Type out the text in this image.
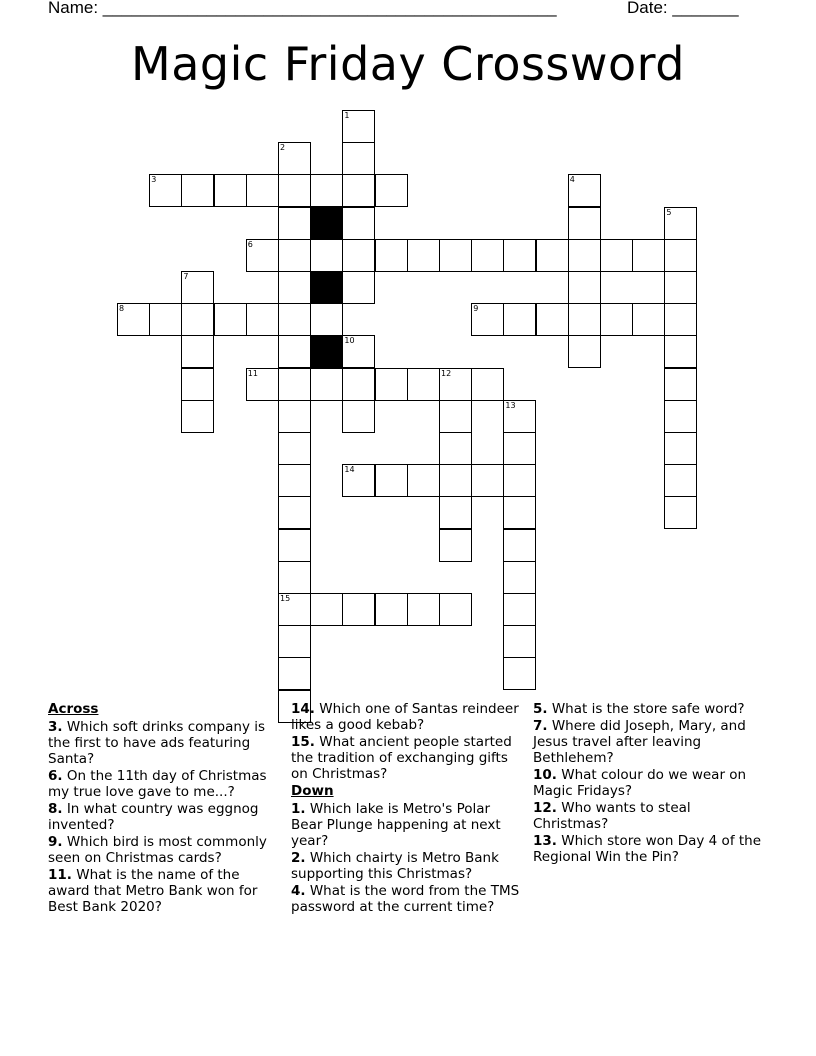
Name: ________________________________________________	Date: _______
Magic Friday Crossword
1
2
15
3	4
5
6
7
8	9
10
11	12
13
14
Across
3. Which soft drinks company is the first to have ads featuring Santa?
6. On the 11th day of Christmas my true love gave to me...?
8. In what country was eggnog invented?
9. Which bird is most commonly seen on Christmas cards?
11. What is the name of the award that Metro Bank won for Best Bank 2020?
14. Which one of Santas reindeer likes a good kebab?
15. What ancient people started the tradition of exchanging gifts on Christmas?
Down
1. Which lake is Metro's Polar Bear Plunge happening at next year?
2. Which chairty is Metro Bank supporting this Christmas?
4. What is the word from the TMS password at the current time?
5. What is the store safe word?
7. Where did Joseph, Mary, and Jesus travel after leaving Bethlehem?
10. What colour do we wear on Magic Fridays?
12. Who wants to steal Christmas?
13. Which store won Day 4 of the Regional Win the Pin?
